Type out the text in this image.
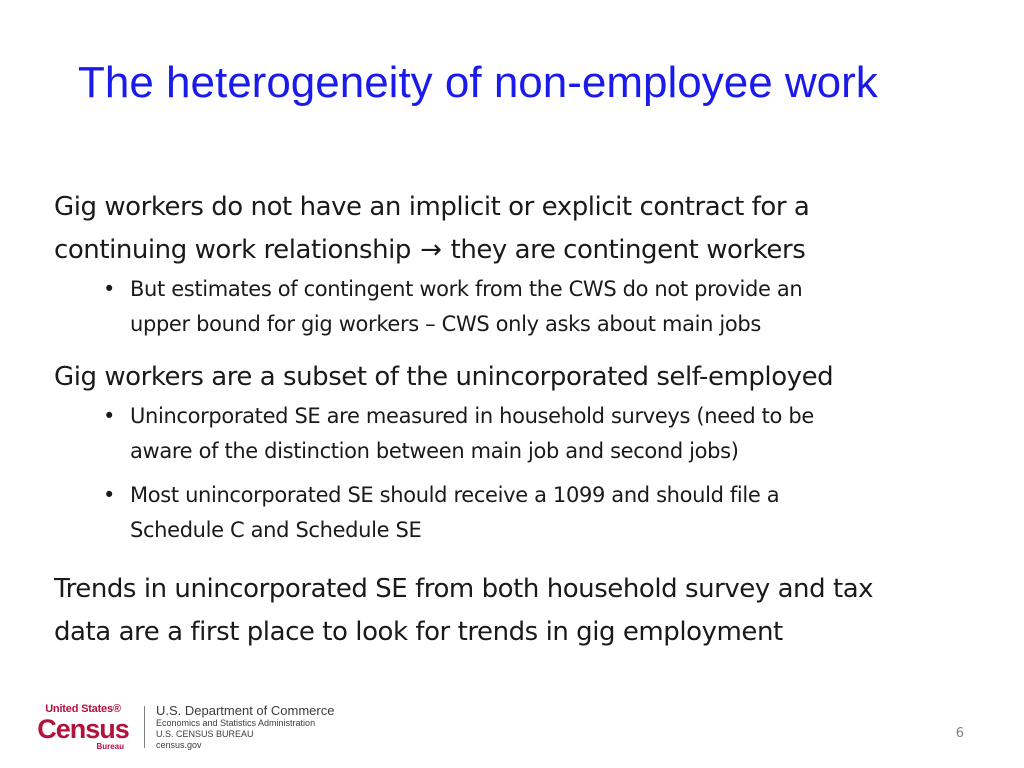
The heterogeneity of non-employee work

Gig workers do not have an implicit or explicit contract for a

continuing work relationship → they are contingent workers

• But estimates of contingent work from the CWS do not provide an
upper bound for gig workers – CWS only asks about main jobs

Gig workers are a subset of the unincorporated self-employed

• Unincorporated SE are measured in household surveys (need to be
aware of the distinction between main job and second jobs)
• Most unincorporated SE should receive a 1099 and should file a
Schedule C and Schedule SE

Trends in unincorporated SE from both household survey and tax

data are a first place to look for trends in gig employment

United States®
Census
Bureau
U.S. Department of Commerce
Economics and Statistics Administration
U.S. CENSUS BUREAU
census.gov
6
